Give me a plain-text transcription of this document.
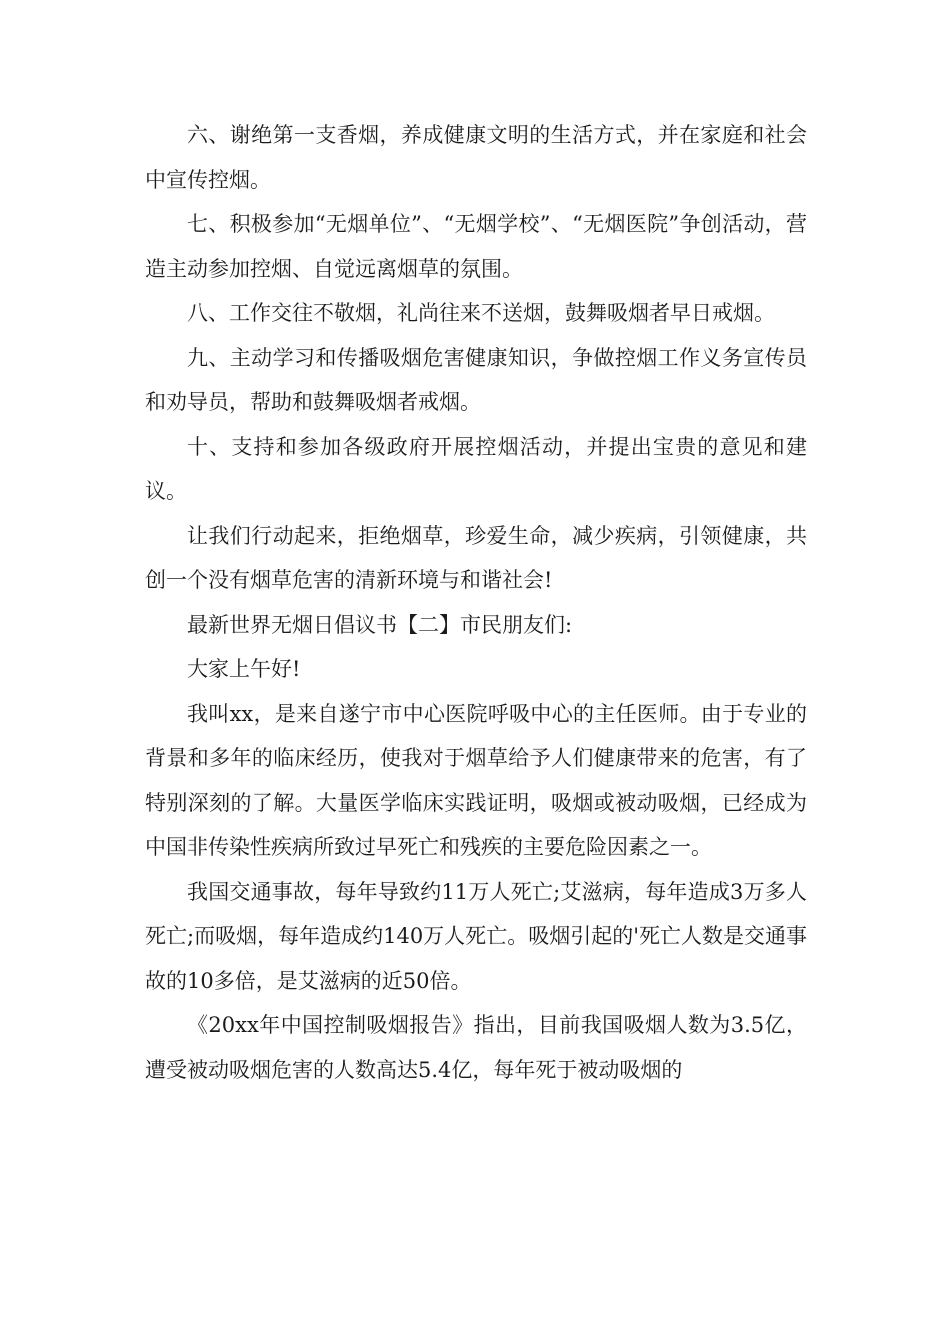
六、谢绝第一支香烟，养成健康文明的生活方式，并在家庭和社会中宣传控烟。

七、积极参加“无烟单位”、“无烟学校”、“无烟医院”争创活动，营造主动参加控烟、自觉远离烟草的氛围。

八、工作交往不敬烟，礼尚往来不送烟，鼓舞吸烟者早日戒烟。

九、主动学习和传播吸烟危害健康知识，争做控烟工作义务宣传员和劝导员，帮助和鼓舞吸烟者戒烟。

十、支持和参加各级政府开展控烟活动，并提出宝贵的意见和建议。

让我们行动起来，拒绝烟草，珍爱生命，减少疾病，引领健康，共创一个没有烟草危害的清新环境与和谐社会!

最新世界无烟日倡议书【二】市民朋友们:

大家上午好!

我叫xx，是来自遂宁市中心医院呼吸中心的主任医师。由于专业的背景和多年的临床经历，使我对于烟草给予人们健康带来的危害，有了特别深刻的了解。大量医学临床实践证明，吸烟或被动吸烟，已经成为中国非传染性疾病所致过早死亡和残疾的主要危险因素之一。

我国交通事故，每年导致约11万人死亡;艾滋病，每年造成3万多人死亡;而吸烟，每年造成约140万人死亡。吸烟引起的'死亡人数是交通事故的10多倍，是艾滋病的近50倍。

《20xx年中国控制吸烟报告》指出，目前我国吸烟人数为3.5亿，遭受被动吸烟危害的人数高达5.4亿，每年死于被动吸烟的
